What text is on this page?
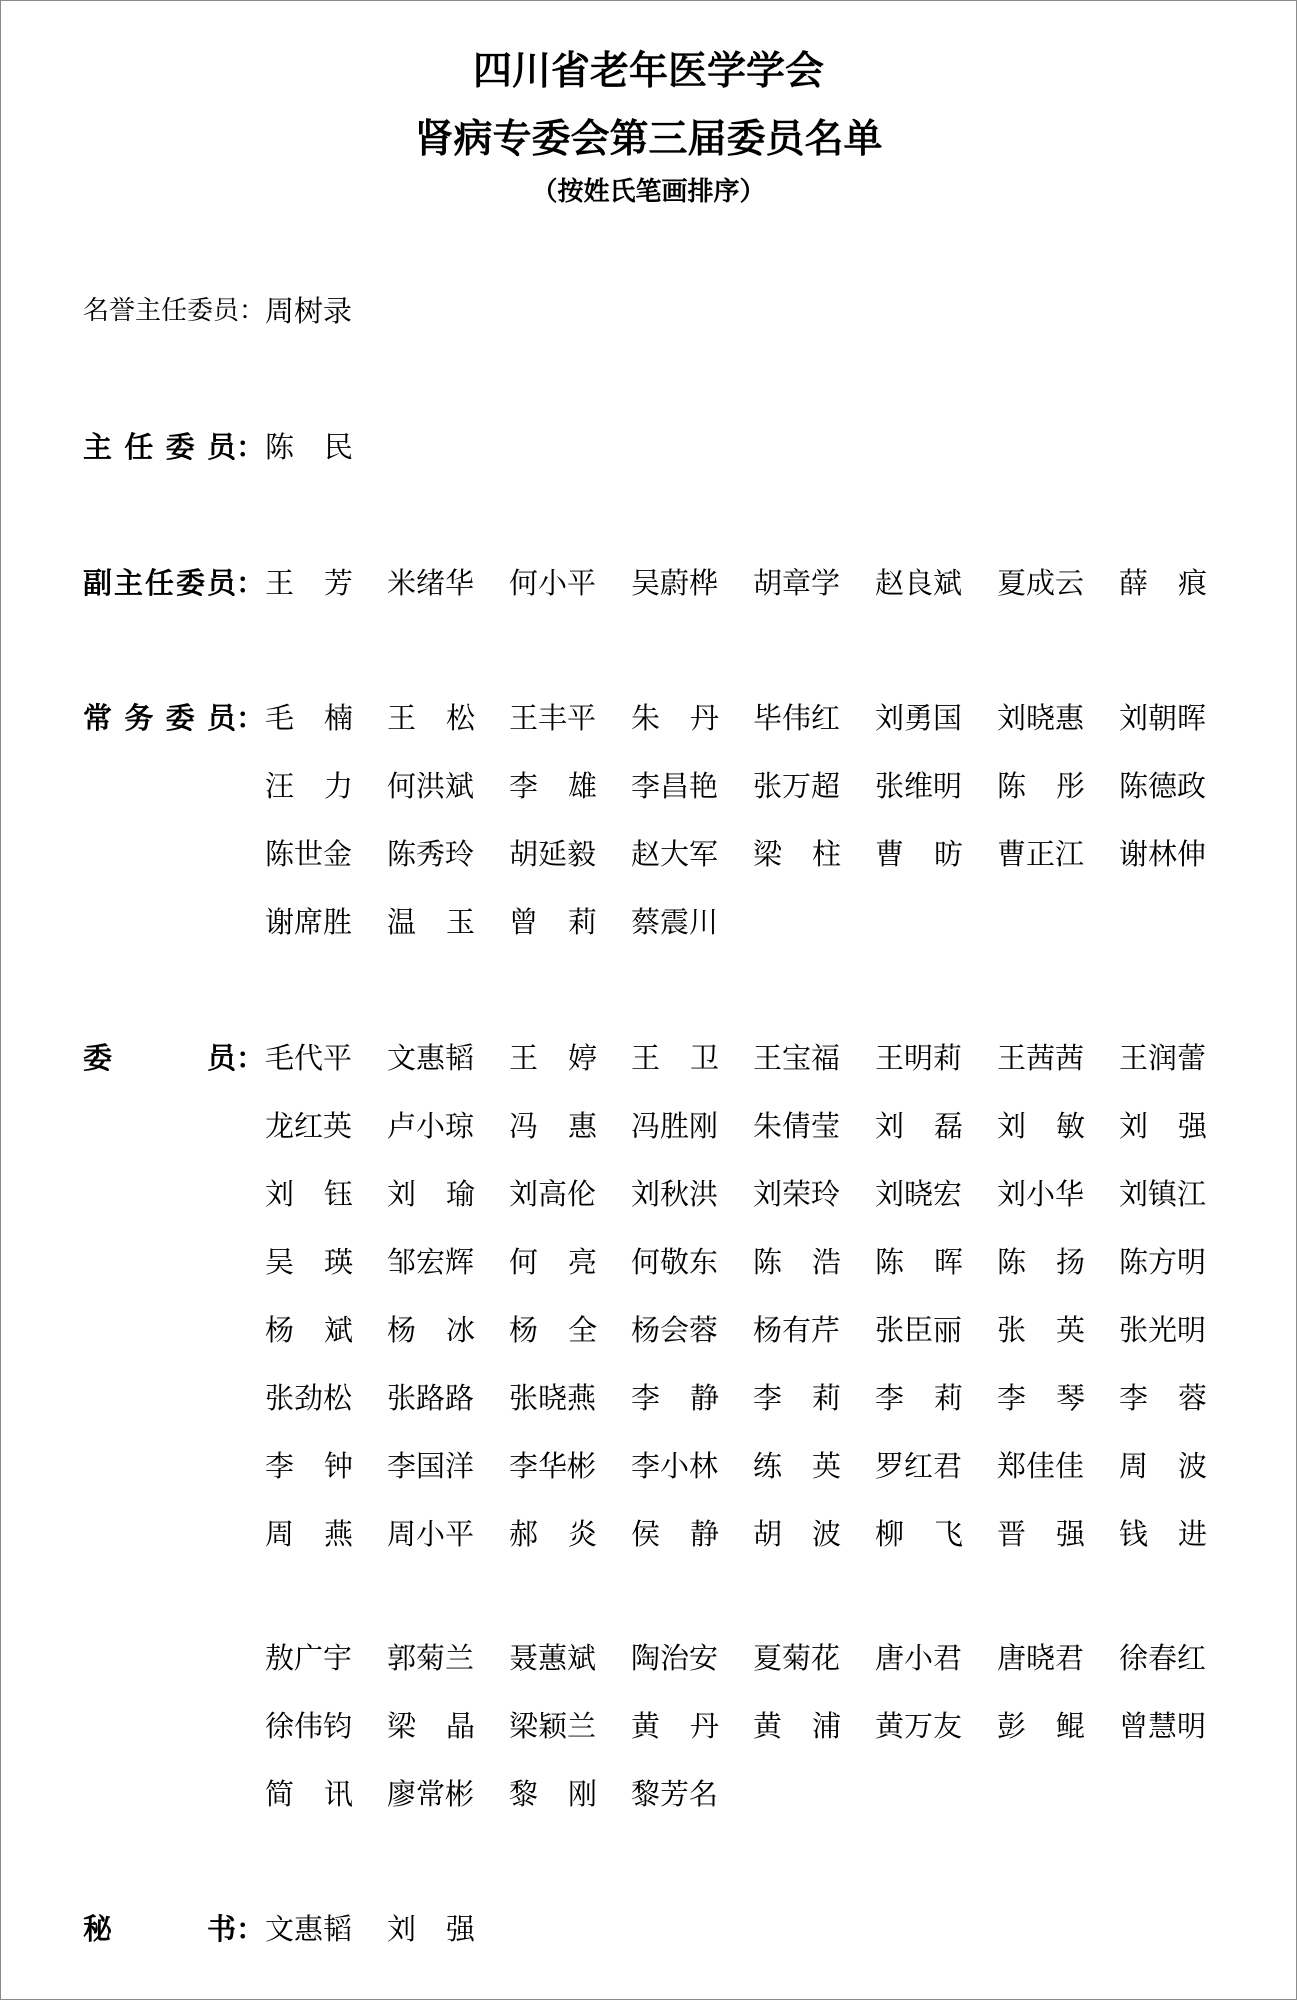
四川省老年医学学会
肾病专委会第三届委员名单
（按姓氏笔画排序）
名誉主任委员 ： 周树录
主 任 委 员 ： 陈民
副主任委员 ： 王芳 米绪华 何小平 吴蔚桦 胡章学 赵良斌 夏成云 薛痕
常 务 委 员 ： 毛楠 王松 王丰平 朱丹 毕伟红 刘勇国 刘晓惠 刘朝晖
汪力 何洪斌 李雄 李昌艳 张万超 张维明 陈彤 陈德政
陈世金 陈秀玲 胡延毅 赵大军 梁柱 曹昉 曹正江 谢林伸
谢席胜 温玉 曾莉 蔡震川
委 员 ： 毛代平 文惠韬 王婷 王卫 王宝福 王明莉 王茜茜 王润蕾
龙红英 卢小琼 冯惠 冯胜刚 朱倩莹 刘磊 刘敏 刘强
刘钰 刘瑜 刘高伦 刘秋洪 刘荣玲 刘晓宏 刘小华 刘镇江
吴瑛 邹宏辉 何亮 何敬东 陈浩 陈晖 陈扬 陈方明
杨斌 杨冰 杨全 杨会蓉 杨有芹 张臣丽 张英 张光明
张劲松 张路路 张晓燕 李静 李莉 李莉 李琴 李蓉
李钟 李国洋 李华彬 李小林 练英 罗红君 郑佳佳 周波
周燕 周小平 郝炎 侯静 胡波 柳飞 晋强 钱进
敖广宇 郭菊兰 聂蕙斌 陶治安 夏菊花 唐小君 唐晓君 徐春红
徐伟钧 梁晶 梁颖兰 黄丹 黄浦 黄万友 彭鲲 曾慧明
简讯 廖常彬 黎刚 黎芳名
秘 书 ： 文惠韬 刘强
